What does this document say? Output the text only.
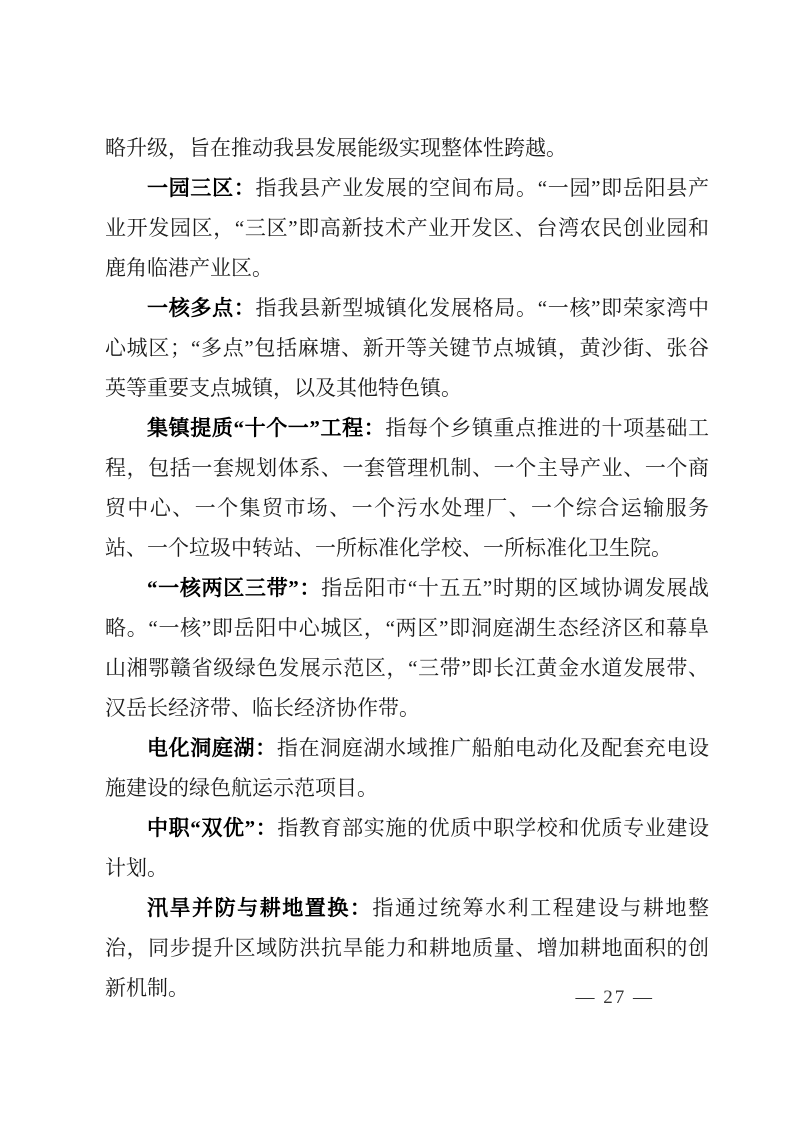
略升级，旨在推动我县发展能级实现整体性跨越。

一园三区：指我县产业发展的空间布局。“一园”即岳阳县产业开发园区，“三区”即高新技术产业开发区、台湾农民创业园和鹿角临港产业区。

一核多点：指我县新型城镇化发展格局。“一核”即荣家湾中心城区；“多点”包括麻塘、新开等关键节点城镇，黄沙街、张谷英等重要支点城镇，以及其他特色镇。

集镇提质“十个一”工程：指每个乡镇重点推进的十项基础工程，包括一套规划体系、一套管理机制、一个主导产业、一个商贸中心、一个集贸市场、一个污水处理厂、一个综合运输服务站、一个垃圾中转站、一所标准化学校、一所标准化卫生院。

“一核两区三带”：指岳阳市“十五五”时期的区域协调发展战略。“一核”即岳阳中心城区，“两区”即洞庭湖生态经济区和幕阜山湘鄂赣省级绿色发展示范区，“三带”即长江黄金水道发展带、汉岳长经济带、临长经济协作带。

电化洞庭湖：指在洞庭湖水域推广船舶电动化及配套充电设施建设的绿色航运示范项目。

中职“双优”：指教育部实施的优质中职学校和优质专业建设计划。

汛旱并防与耕地置换：指通过统筹水利工程建设与耕地整治，同步提升区域防洪抗旱能力和耕地质量、增加耕地面积的创新机制。	— 27 —
